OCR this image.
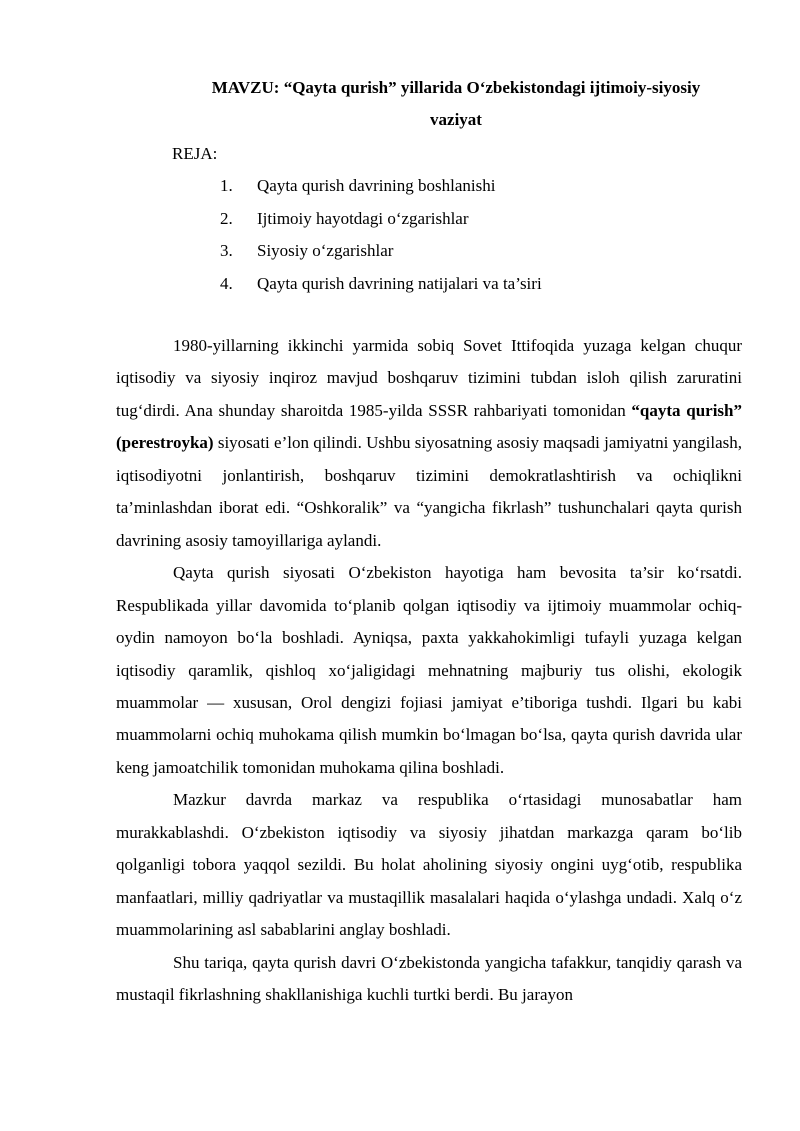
MAVZU: “Qayta qurish” yillarida O‘zbekistondagi ijtimoiy-siyosiy
vaziyat
REJA:
1. Qayta qurish davrining boshlanishi
2. Ijtimoiy hayotdagi o‘zgarishlar
3. Siyosiy o‘zgarishlar
4. Qayta qurish davrining natijalari va ta’siri

1980-yillarning ikkinchi yarmida sobiq Sovet Ittifoqida yuzaga kelgan chuqur iqtisodiy va siyosiy inqiroz mavjud boshqaruv tizimini tubdan isloh qilish zaruratini tug‘dirdi. Ana shunday sharoitda 1985-yilda SSSR rahbariyati tomonidan “qayta qurish” (perestroyka) siyosati e’lon qilindi. Ushbu siyosatning asosiy maqsadi jamiyatni yangilash, iqtisodiyotni jonlantirish, boshqaruv tizimini demokratlashtirish va ochiqlikni ta’minlashdan iborat edi. “Oshkoralik” va “yangicha fikrlash” tushunchalari qayta qurish davrining asosiy tamoyillariga aylandi.

Qayta qurish siyosati O‘zbekiston hayotiga ham bevosita ta’sir ko‘rsatdi. Respublikada yillar davomida to‘planib qolgan iqtisodiy va ijtimoiy muammolar ochiq-oydin namoyon bo‘la boshladi. Ayniqsa, paxta yakkahokimligi tufayli yuzaga kelgan iqtisodiy qaramlik, qishloq xo‘jaligidagi mehnatning majburiy tus olishi, ekologik muammolar — xususan, Orol dengizi fojiasi jamiyat e’tiboriga tushdi. Ilgari bu kabi muammolarni ochiq muhokama qilish mumkin bo‘lmagan bo‘lsa, qayta qurish davrida ular keng jamoatchilik tomonidan muhokama qilina boshladi.

Mazkur davrda markaz va respublika o‘rtasidagi munosabatlar ham murakkablashdi. O‘zbekiston iqtisodiy va siyosiy jihatdan markazga qaram bo‘lib qolganligi tobora yaqqol sezildi. Bu holat aholining siyosiy ongini uyg‘otib, respublika manfaatlari, milliy qadriyatlar va mustaqillik masalalari haqida o‘ylashga undadi. Xalq o‘z muammolarining asl sabablarini anglay boshladi.

Shu tariqa, qayta qurish davri O‘zbekistonda yangicha tafakkur, tanqidiy qarash va mustaqil fikrlashning shakllanishiga kuchli turtki berdi. Bu jarayon
